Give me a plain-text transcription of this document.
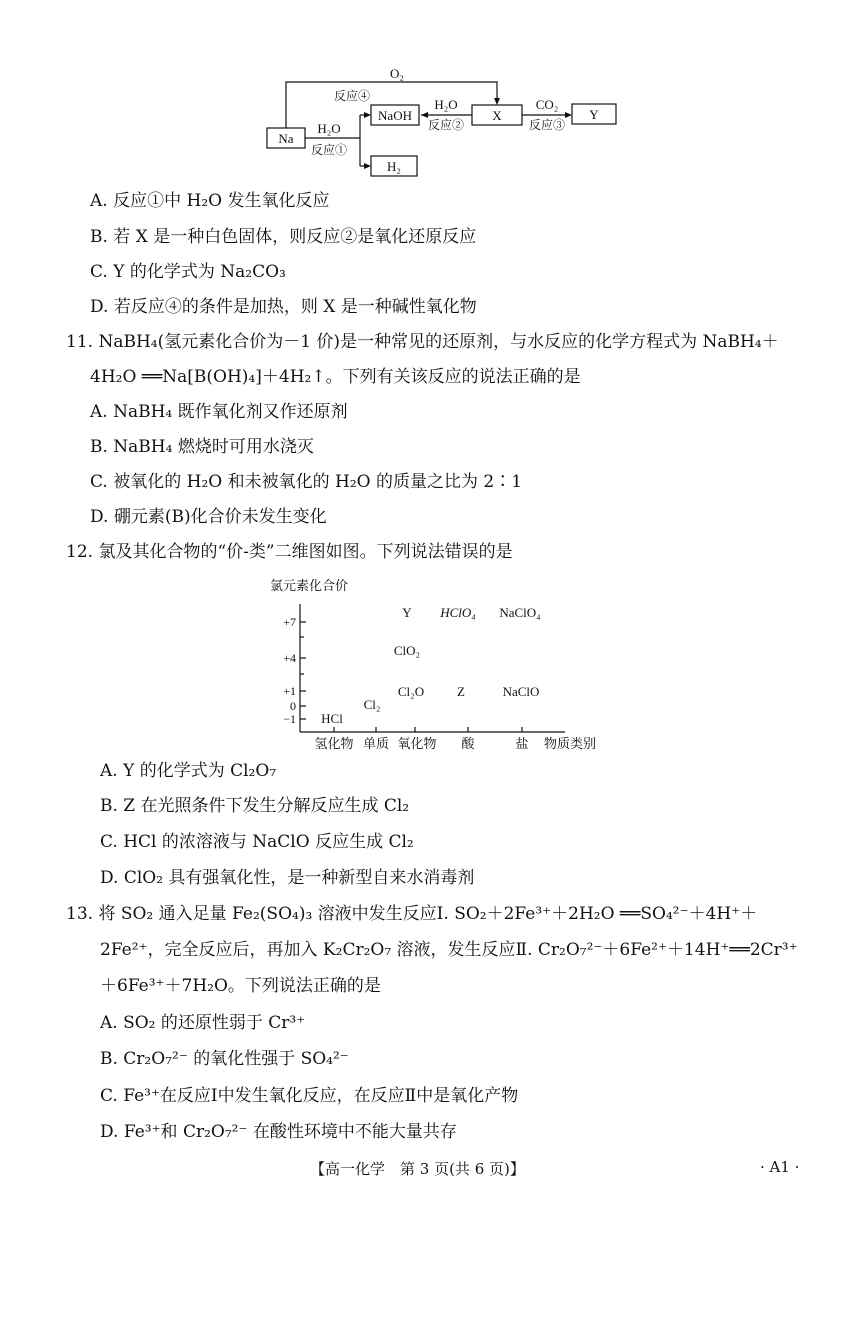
Na
NaOH	X	Y
H₂
O₂
反应④
H₂O
反应②
CO₂
反应③
H₂O
反应①
A. 反应①中 H₂O 发生氧化反应
B. 若 X 是一种白色固体，则反应②是氧化还原反应
C. Y 的化学式为 Na₂CO₃
D. 若反应④的条件是加热，则 X 是一种碱性氧化物
11. NaBH₄(氢元素化合价为－1 价)是一种常见的还原剂，与水反应的化学方程式为 NaBH₄＋
4H₂O ══Na[B(OH)₄]＋4H₂↑。下列有关该反应的说法正确的是
A. NaBH₄ 既作氧化剂又作还原剂
B. NaBH₄ 燃烧时可用水浇灭
C. 被氧化的 H₂O 和未被氧化的 H₂O 的质量之比为 2∶1
D. 硼元素(B)化合价未发生变化
12. 氯及其化合物的“价-类”二维图如图。下列说法错误的是
氯元素化合价
+7
+4
+1
0
−1
氢化物 单质 氧化物 酸	盐 物质类别
Y HClO₄ NaClO₄
ClO₂
Cl₂O	Z	NaClO
Cl₂
HCl
A. Y 的化学式为 Cl₂O₇
B. Z 在光照条件下发生分解反应生成 Cl₂
C. HCl 的浓溶液与 NaClO 反应生成 Cl₂
D. ClO₂ 具有强氧化性，是一种新型自来水消毒剂
13. 将 SO₂ 通入足量 Fe₂(SO₄)₃ 溶液中发生反应Ⅰ. SO₂＋2Fe³⁺＋2H₂O ══SO₄²⁻＋4H⁺＋
2Fe²⁺，完全反应后，再加入 K₂Cr₂O₇ 溶液，发生反应Ⅱ. Cr₂O₇²⁻＋6Fe²⁺＋14H⁺══2Cr³⁺
＋6Fe³⁺＋7H₂O。下列说法正确的是
A. SO₂ 的还原性弱于 Cr³⁺
B. Cr₂O₇²⁻ 的氧化性强于 SO₄²⁻
C. Fe³⁺在反应Ⅰ中发生氧化反应，在反应Ⅱ中是氧化产物
D. Fe³⁺和 Cr₂O₇²⁻ 在酸性环境中不能大量共存
【高一化学　第 3 页(共 6 页)】	· A1 ·
